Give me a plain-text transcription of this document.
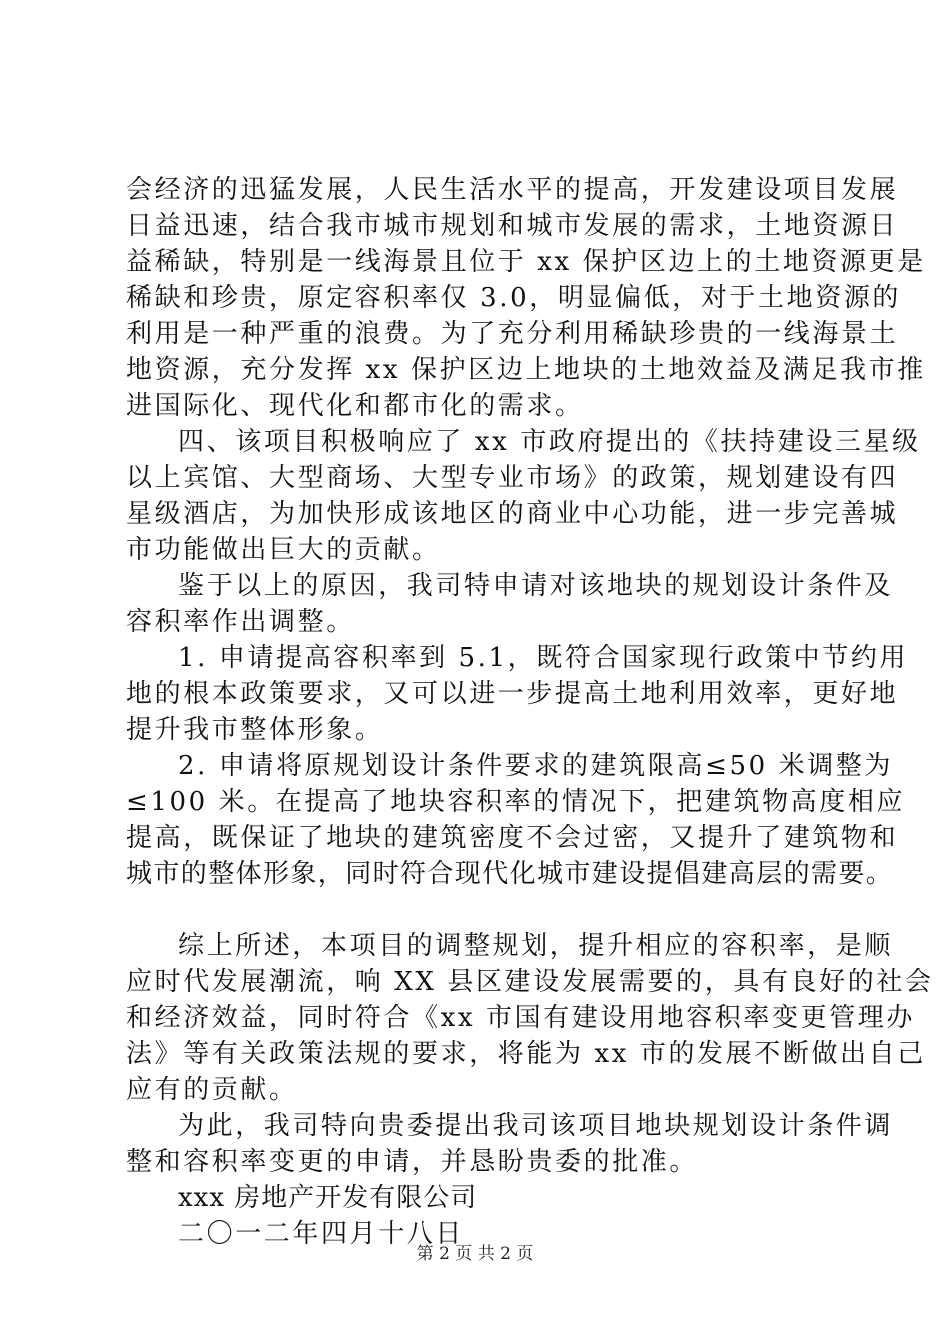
会经济的迅猛发展，人民生活水平的提高，开发建设项目发展
日益迅速，结合我市城市规划和城市发展的需求，土地资源日
益稀缺，特别是一线海景且位于 xx 保护区边上的土地资源更是
稀缺和珍贵，原定容积率仅 3.0，明显偏低，对于土地资源的
利用是一种严重的浪费。为了充分利用稀缺珍贵的一线海景土
地资源，充分发挥 xx 保护区边上地块的土地效益及满足我市推
进国际化、现代化和都市化的需求。
四、该项目积极响应了 xx 市政府提出的《扶持建设三星级
以上宾馆、大型商场、大型专业市场》的政策，规划建设有四
星级酒店，为加快形成该地区的商业中心功能，进一步完善城
市功能做出巨大的贡献。
鉴于以上的原因，我司特申请对该地块的规划设计条件及
容积率作出调整。
1. 申请提高容积率到 5.1，既符合国家现行政策中节约用
地的根本政策要求，又可以进一步提高土地利用效率，更好地
提升我市整体形象。
2. 申请将原规划设计条件要求的建筑限高≤50 米调整为
≤100 米。在提高了地块容积率的情况下，把建筑物高度相应
提高，既保证了地块的建筑密度不会过密，又提升了建筑物和
城市的整体形象，同时符合现代化城市建设提倡建高层的需要。
综上所述，本项目的调整规划，提升相应的容积率，是顺
应时代发展潮流，响 XX 县区建设发展需要的，具有良好的社会
和经济效益，同时符合《xx 市国有建设用地容积率变更管理办
法》等有关政策法规的要求，将能为 xx 市的发展不断做出自己
应有的贡献。
为此，我司特向贵委提出我司该项目地块规划设计条件调
整和容积率变更的申请，并恳盼贵委的批准。
xxx 房地产开发有限公司
二〇一二年四月十八日
第 2 页 共 2 页
